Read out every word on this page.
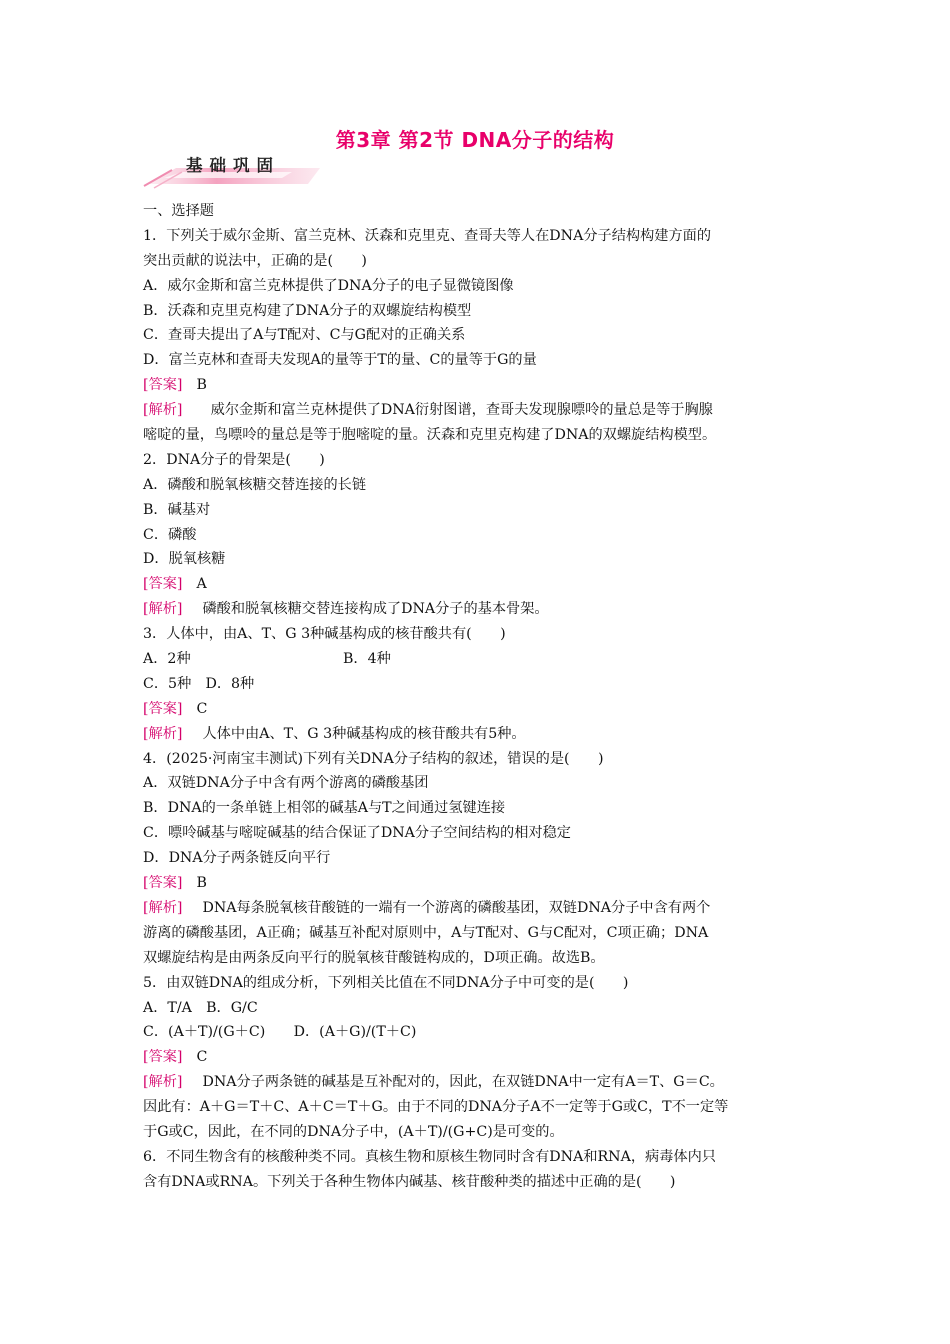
第3章 第2节 DNA分子的结构
基础巩固
一、选择题
1．下列关于威尔金斯、富兰克林、沃森和克里克、查哥夫等人在DNA分子结构构建方面的
突出贡献的说法中，正确的是(　　)
A．威尔金斯和富兰克林提供了DNA分子的电子显微镜图像
B．沃森和克里克构建了DNA分子的双螺旋结构模型
C．查哥夫提出了A与T配对、C与G配对的正确关系
D．富兰克林和查哥夫发现A的量等于T的量、C的量等于G的量
[答案] B
[解析]　威尔金斯和富兰克林提供了DNA衍射图谱，查哥夫发现腺嘌呤的量总是等于胸腺
嘧啶的量，鸟嘌呤的量总是等于胞嘧啶的量。沃森和克里克构建了DNA的双螺旋结构模型。
2．DNA分子的骨架是(　　)
A．磷酸和脱氧核糖交替连接的长链
B．碱基对
C．磷酸
D．脱氧核糖
[答案] A
[解析] 磷酸和脱氧核糖交替连接构成了DNA分子的基本骨架。
3．人体中，由A、T、G 3种碱基构成的核苷酸共有(　　)
A．2种	B．4种
C．5种　D．8种
[答案] C
[解析] 人体中由A、T、G 3种碱基构成的核苷酸共有5种。
4．(2025·河南宝丰测试)下列有关DNA分子结构的叙述，错误的是(　　)
A．双链DNA分子中含有两个游离的磷酸基团
B．DNA的一条单链上相邻的碱基A与T之间通过氢键连接
C．嘌呤碱基与嘧啶碱基的结合保证了DNA分子空间结构的相对稳定
D．DNA分子两条链反向平行
[答案] B
[解析] DNA每条脱氧核苷酸链的一端有一个游离的磷酸基团，双链DNA分子中含有两个
游离的磷酸基团，A正确；碱基互补配对原则中，A与T配对、G与C配对，C项正确；DNA
双螺旋结构是由两条反向平行的脱氧核苷酸链构成的，D项正确。故选B。
5．由双链DNA的组成分析，下列相关比值在不同DNA分子中可变的是(　　)
A．T/A　B．G/C
C．(A＋T)/(G＋C)　　D．(A＋G)/(T＋C)
[答案] C
[解析] DNA分子两条链的碱基是互补配对的，因此，在双链DNA中一定有A＝T、G＝C。
因此有：A＋G＝T＋C、A＋C＝T＋G。由于不同的DNA分子A不一定等于G或C，T不一定等
于G或C，因此，在不同的DNA分子中，(A＋T)/(G+C)是可变的。
6．不同生物含有的核酸种类不同。真核生物和原核生物同时含有DNA和RNA，病毒体内只
含有DNA或RNA。下列关于各种生物体内碱基、核苷酸种类的描述中正确的是(　　)
